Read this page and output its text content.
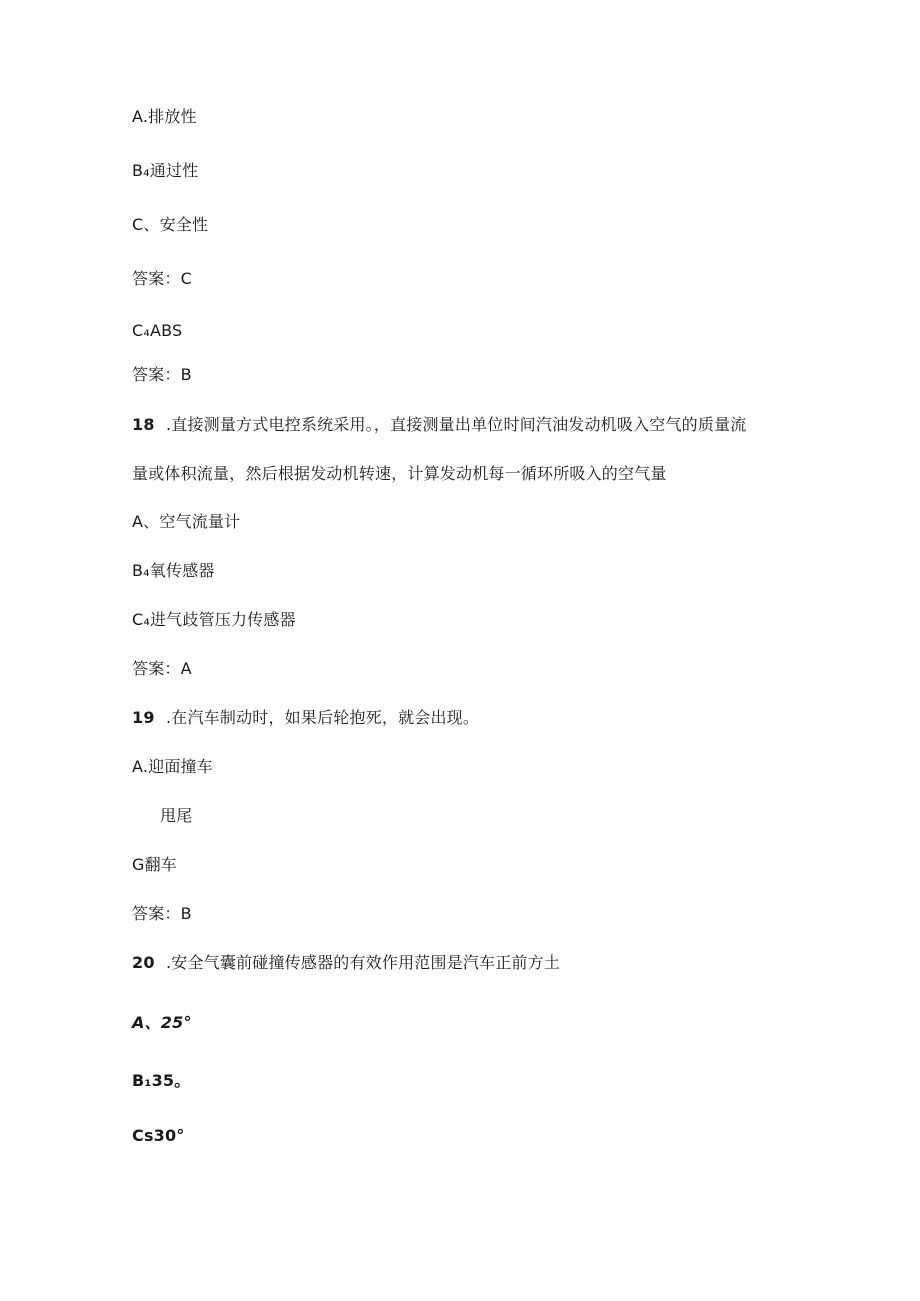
A.排放性
B₄通过性
C、安全性
答案：C
C₄ABS
答案：B
18 .直接测量方式电控系统采用。，直接测量出单位时间汽油发动机吸入空气的质量流
量或体积流量，然后根据发动机转速，计算发动机每一循环所吸入的空气量
A、空气流量计
B₄氧传感器
C₄进气歧管压力传感器
答案：A
19 .在汽车制动时，如果后轮抱死，就会出现。
A.迎面撞车
甩尾
G翻车
答案：B
20 .安全气囊前碰撞传感器的有效作用范围是汽车正前方土
A、25°
B₁35。
Cs30°
